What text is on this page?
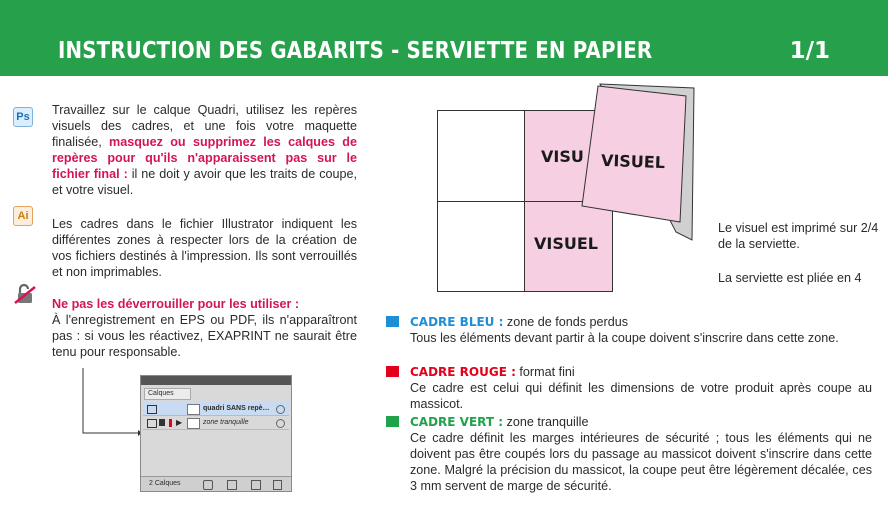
INSTRUCTION DES GABARITS - SERVIETTE EN PAPIER	1/1
Ps Travaillez sur le calque Quadri, utilisez les repères visuels des cadres, et une fois votre maquette finalisée, masquez ou supprimez les calques de repères pour qu'ils n'apparaissent pas sur le fichier final : il ne doit y avoir que les traits de coupe, et votre visuel.
Ai
Les cadres dans le fichier Illustrator indiquent les différentes zones à respecter lors de la création de vos fichiers destinés à l'impression. Ils sont verrouillés et non imprimables.
Ne pas les déverrouiller pour les utiliser :
À l'enregistrement en EPS ou PDF, ils n'apparaîtront pas : si vous les réactivez, EXAPRINT ne saurait être tenu pour responsable.
Calques
quadri SANS repè…
▶	zone tranquille
2 Calques
VISU
VISUEL
VISUEL
Le visuel est imprimé sur 2/4 de la serviette.
La serviette est pliée en 4
CADRE BLEU : zone de fonds perdus
Tous les éléments devant partir à la coupe doivent s'inscrire dans cette zone.
CADRE ROUGE : format fini
Ce cadre est celui qui définit les dimensions de votre produit après coupe au massicot.
CADRE VERT : zone tranquille
Ce cadre définit les marges intérieures de sécurité ; tous les éléments qui ne doivent pas être coupés lors du passage au massicot doivent s'inscrire dans cette zone. Malgré la précision du massicot, la coupe peut être légèrement décalée, ces 3 mm servent de marge de sécurité.
